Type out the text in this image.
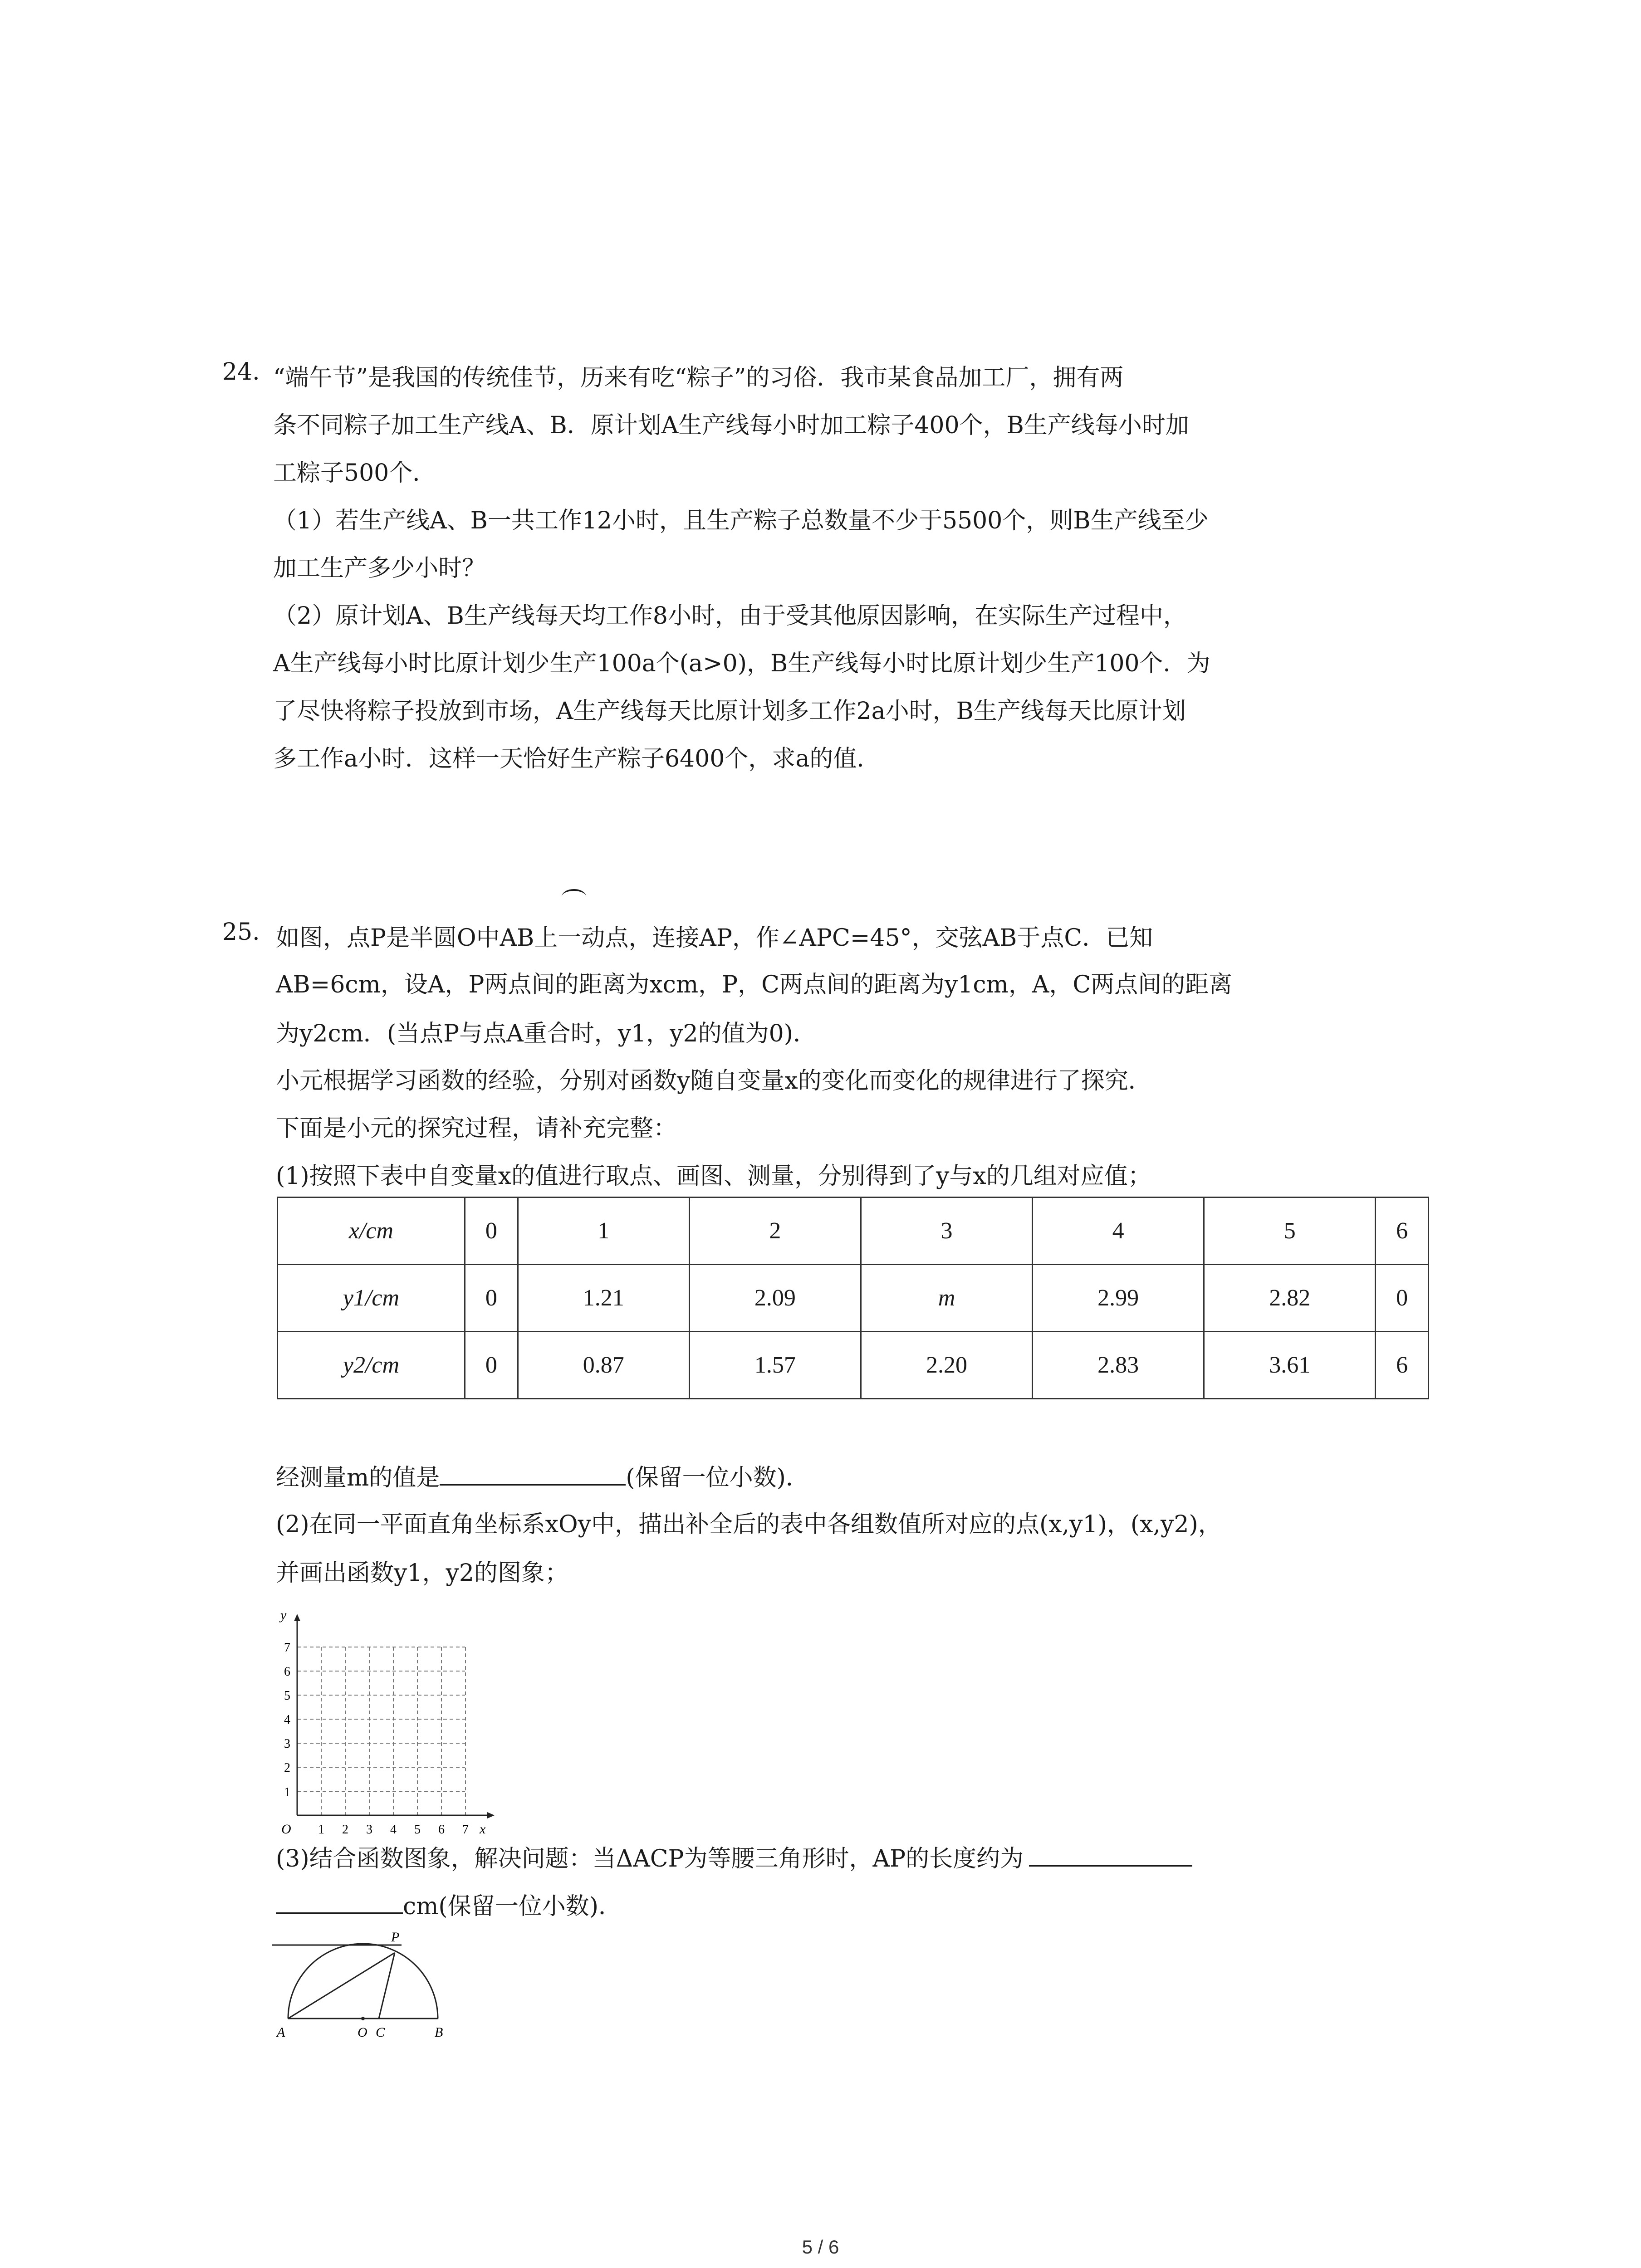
24. “端午节”是我国的传统佳节，历来有吃“粽子”的习俗．我市某食品加工厂，拥有两
条不同粽子加工生产线A、B．原计划A生产线每小时加工粽子400个，B生产线每小时加
工粽子500个．
（1）若生产线A、B一共工作12小时，且生产粽子总数量不少于5500个，则B生产线至少
加工生产多少小时？
（2）原计划A、B生产线每天均工作8小时，由于受其他原因影响，在实际生产过程中，
A生产线每小时比原计划少生产100a个(a>0)，B生产线每小时比原计划少生产100个．为
了尽快将粽子投放到市场，A生产线每天比原计划多工作2a小时，B生产线每天比原计划
多工作a小时．这样一天恰好生产粽子6400个，求a的值．
25. 如图，点P是半圆O中AB上一动点，连接AP，作∠APC=45°，交弦AB于点C．已知
AB=6cm，设A，P两点间的距离为xcm，P，C两点间的距离为y1cm，A，C两点间的距离
为y2cm．(当点P与点A重合时，y1，y2的值为0)．
小元根据学习函数的经验，分别对函数y随自变量x的变化而变化的规律进行了探究．
下面是小元的探究过程，请补充完整：
(1)按照下表中自变量x的值进行取点、画图、测量，分别得到了y与x的几组对应值；
x/cm	0	1	2	3	4	5	6
y1/cm	0	1.21	2.09	m	2.99	2.82	0
y2/cm	0	0.87	1.57	2.20	2.83	3.61	6
经测量m的值是	(保留一位小数)．
(2)在同一平面直角坐标系xOy中，描出补全后的表中各组数值所对应的点(x,y1)，(x,y2)，
并画出函数y1，y2的图象；
y
x
O 1 2 3 4 5 6 7
1
2
3
4
5
6
7
(3)结合函数图象，解决问题：当ΔACP为等腰三角形时，AP的长度约为
cm(保留一位小数)．
A	O C	B
P
5 / 6
